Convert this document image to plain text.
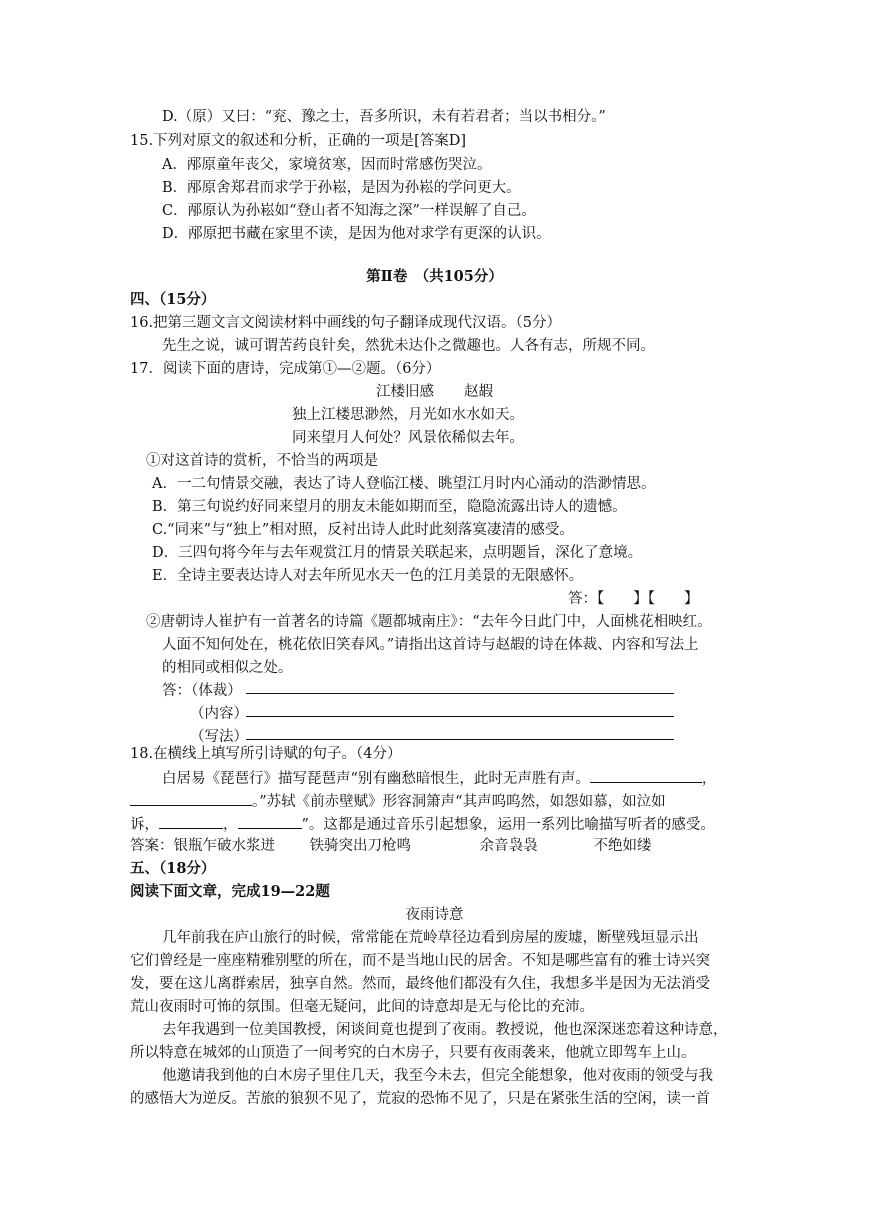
D.（原）又曰：“兖、豫之士，吾多所识，未有若君者；当以书相分。”
15.下列对原文的叙述和分析，正确的一项是[答案D]
A．邴原童年丧父，家境贫寒，因而时常感伤哭泣。
B．邴原舍郑君而求学于孙崧，是因为孙崧的学问更大。
C．邴原认为孙崧如“登山者不知海之深”一样误解了自己。
D．邴原把书藏在家里不读，是因为他对求学有更深的认识。
第Ⅱ卷　（共105分）
四、（15分）
16.把第三题文言文阅读材料中画线的句子翻译成现代汉语。（5分）
先生之说，诚可谓苦药良针矣，然犹未达仆之微趣也。人各有志，所规不同。
17．阅读下面的唐诗，完成第①—②题。（6分）
江楼旧感 赵嘏
独上江楼思渺然，月光如水水如天。
同来望月人何处？风景依稀似去年。
①对这首诗的赏析，不恰当的两项是
A．一二句情景交融，表达了诗人登临江楼、眺望江月时内心涌动的浩渺情思。
B．第三句说约好同来望月的朋友未能如期而至，隐隐流露出诗人的遗憾。
C.“同来”与“独上”相对照，反衬出诗人此时此刻落寞凄清的感受。
D．三四句将今年与去年观赏江月的情景关联起来，点明题旨，深化了意境。
E．全诗主要表达诗人对去年所见水天一色的江月美景的无限感怀。
答：【　　】【　　】
②唐朝诗人崔护有一首著名的诗篇《题都城南庄》：“去年今日此门中，人面桃花相映红。
人面不知何处在，桃花依旧笑春风。”请指出这首诗与赵嘏的诗在体裁、内容和写法上
的相同或相似之处。
答：（体裁）
（内容）
（写法）
18.在横线上填写所引诗赋的句子。（4分）
白居易《琵琶行》描写琵琶声“别有幽愁暗恨生，此时无声胜有声。	，
。”苏轼《前赤壁赋》形容洞箫声“其声呜呜然，如怨如慕，如泣如
诉，	，	”。这都是通过音乐引起想象，运用一系列比喻描写听者的感受。
答案：银瓶乍破水浆迸 铁骑突出刀枪鸣	余音袅袅	不绝如缕
五、（18分）
阅读下面文章，完成19—22题
夜雨诗意
几年前我在庐山旅行的时候，常常能在荒岭草径边看到房屋的废墟，断壁残垣显示出
它们曾经是一座座精雅别墅的所在，而不是当地山民的居舍。不知是哪些富有的雅士诗兴突
发，要在这儿离群索居，独享自然。然而，最终他们都没有久住，我想多半是因为无法消受
荒山夜雨时可怖的氛围。但毫无疑问，此间的诗意却是无与伦比的充沛。
去年我遇到一位美国教授，闲谈间竟也提到了夜雨。教授说，他也深深迷恋着这种诗意，
所以特意在城郊的山顶造了一间考究的白木房子，只要有夜雨袭来，他就立即驾车上山。
他邀请我到他的白木房子里住几天，我至今未去，但完全能想象，他对夜雨的领受与我
的感悟大为逆反。苦旅的狼狈不见了，荒寂的恐怖不见了，只是在紧张生活的空闲，读一首
